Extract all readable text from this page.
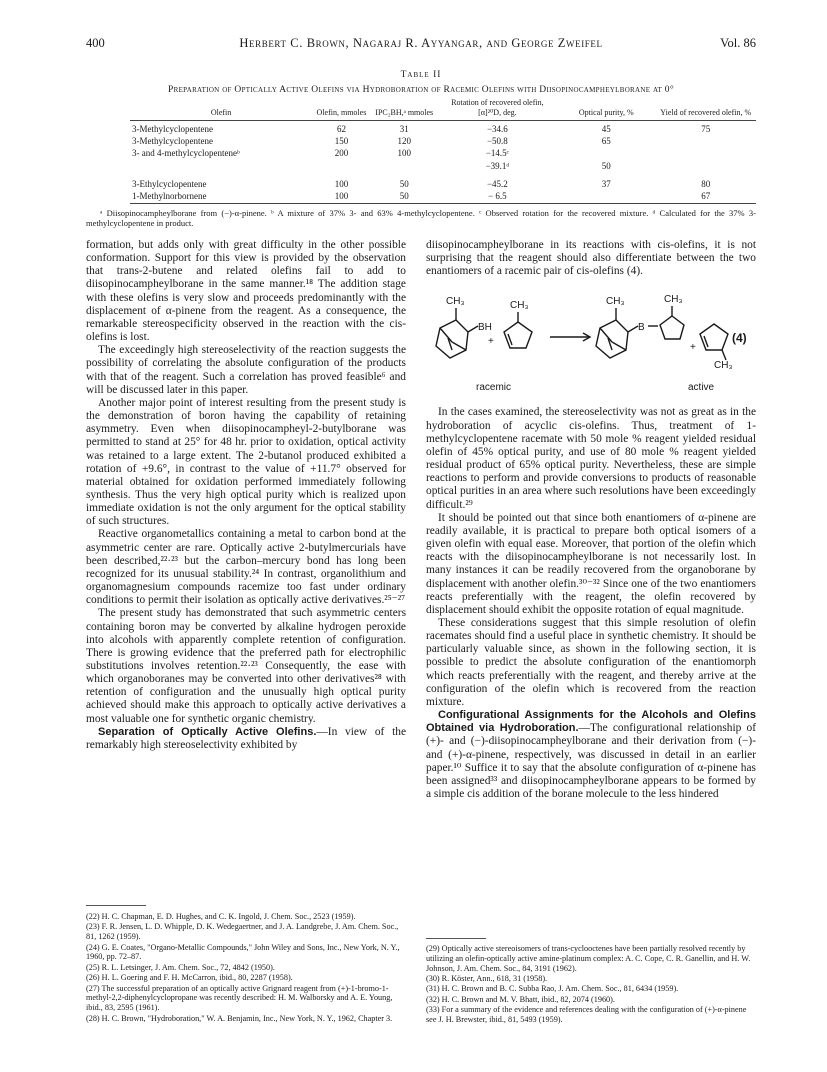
400	Herbert C. Brown, Nagaraj R. Ayyangar, and George Zweifel	Vol. 86
Table II
Preparation of Optically Active Olefins via Hydroboration of Racemic Olefins with Diisopinocampheylborane at 0°
Olefin	Olefin, mmoles	IPC₂BH,ᵃ mmoles	Rotation of recovered olefin, [α]²⁰D, deg.	Optical purity, %	Yield of recovered olefin, %
3-Methylcyclopentene	62	31	−34.6	45	75
3-Methylcyclopentene	150	120	−50.8	65	
3- and 4-methylcyclopenteneᵇ	200	100	−14.5ᶜ		
			−39.1ᵈ	50	

3-Ethylcyclopentene	100	50	−45.2	37	80
1-Methylnorbornene	100	50	− 6.5		67
ᵃ Diisopinocampheylborane from (−)-α-pinene. ᵇ A mixture of 37% 3- and 63% 4-methylcyclopentene. ᶜ Observed rotation for the recovered mixture. ᵈ Calculated for the 37% 3-methylcyclopentene in product.

formation, but adds only with great difficulty in the other possible conformation. Support for this view is provided by the observation that trans-2-butene and related olefins fail to add to diisopinocampheylborane in the same manner.¹⁸ The addition stage with these olefins is very slow and proceeds predominantly with the displacement of α-pinene from the reagent. As a consequence, the remarkable stereospecificity observed in the reaction with the cis-olefins is lost.

The exceedingly high stereoselectivity of the reaction suggests the possibility of correlating the absolute configuration of the products with that of the reagent. Such a correlation has proved feasible⁶ and will be discussed later in this paper.

Another major point of interest resulting from the present study is the demonstration of boron having the capability of retaining asymmetry. Even when diisopinocampheyl-2-butylborane was permitted to stand at 25° for 48 hr. prior to oxidation, optical activity was retained to a large extent. The 2-butanol produced exhibited a rotation of +9.6°, in contrast to the value of +11.7° observed for material obtained for oxidation performed immediately following synthesis. Thus the very high optical purity which is realized upon immediate oxidation is not the only argument for the optical stability of such structures.

Reactive organometallics containing a metal to carbon bond at the asymmetric center are rare. Optically active 2-butylmercurials have been described,²²·²³ but the carbon–mercury bond has long been recognized for its unusual stability.²⁴ In contrast, organolithium and organomagnesium compounds racemize too fast under ordinary conditions to permit their isolation as optically active derivatives.²⁵⁻²⁷

The present study has demonstrated that such asymmetric centers containing boron may be converted by alkaline hydrogen peroxide into alcohols with apparently complete retention of configuration. There is growing evidence that the preferred path for electrophilic substitutions involves retention.²²·²³ Consequently, the ease with which organoboranes may be converted into other derivatives²⁸ with retention of configuration and the unusually high optical purity achieved should make this approach to optically active derivatives a most valuable one for synthetic organic chemistry.

Separation of Optically Active Olefins.—In view of the remarkably high stereoselectivity exhibited by

diisopinocampheylborane in its reactions with cis-olefins, it is not surprising that the reagent should also differentiate between the two enantiomers of a racemic pair of cis-olefins (4).

CH₃
BH
CH₃
+
CH₃
B
CH₃
+
CH₃
(4)
racemic	active

In the cases examined, the stereoselectivity was not as great as in the hydroboration of acyclic cis-olefins. Thus, treatment of 1-methylcyclopentene racemate with 50 mole % reagent yielded residual olefin of 45% optical purity, and use of 80 mole % reagent yielded residual product of 65% optical purity. Nevertheless, these are simple reactions to perform and provide conversions to products of reasonable optical purities in an area where such resolutions have been exceedingly difficult.²⁹

It should be pointed out that since both enantiomers of α-pinene are readily available, it is practical to prepare both optical isomers of a given olefin with equal ease. Moreover, that portion of the olefin which reacts with the diisopinocampheylborane is not necessarily lost. In many instances it can be readily recovered from the organoborane by displacement with another olefin.³⁰⁻³² Since one of the two enantiomers reacts preferentially with the reagent, the olefin recovered by displacement should exhibit the opposite rotation of equal magnitude.

These considerations suggest that this simple resolution of olefin racemates should find a useful place in synthetic chemistry. It should be particularly valuable since, as shown in the following section, it is possible to predict the absolute configuration of the enantiomorph which reacts preferentially with the reagent, and thereby arrive at the configuration of the olefin which is recovered from the reaction mixture.

Configurational Assignments for the Alcohols and Olefins Obtained via Hydroboration.—The configurational relationship of (+)- and (−)-diisopinocampheylborane and their derivation from (−)- and (+)-α-pinene, respectively, was discussed in detail in an earlier paper.¹⁰ Suffice it to say that the absolute configuration of α-pinene has been assigned³³ and diisopinocampheylborane appears to be formed by a simple cis addition of the borane molecule to the less hindered

(22) H. C. Chapman, E. D. Hughes, and C. K. Ingold, J. Chem. Soc., 2523 (1959).

(23) F. R. Jensen, L. D. Whipple, D. K. Wedegaertner, and J. A. Landgrebe, J. Am. Chem. Soc., 81, 1262 (1959).

(24) G. E. Coates, "Organo-Metallic Compounds," John Wiley and Sons, Inc., New York, N. Y., 1960, pp. 72–87.

(25) R. L. Letsinger, J. Am. Chem. Soc., 72, 4842 (1950).

(26) H. L. Goering and F. H. McCarron, ibid., 80, 2287 (1958).

(27) The successful preparation of an optically active Grignard reagent from (+)-1-bromo-1-methyl-2,2-diphenylcyclopropane was recently described: H. M. Walborsky and A. E. Young, ibid., 83, 2595 (1961).

(28) H. C. Brown, "Hydroboration," W. A. Benjamin, Inc., New York, N. Y., 1962, Chapter 3.

(29) Optically active stereoisomers of trans-cyclooctenes have been partially resolved recently by utilizing an olefin-optically active amine-platinum complex: A. C. Cope, C. R. Ganellin, and H. W. Johnson, J. Am. Chem. Soc., 84, 3191 (1962).

(30) R. Köster, Ann., 618, 31 (1958).

(31) H. C. Brown and B. C. Subba Rao, J. Am. Chem. Soc., 81, 6434 (1959).

(32) H. C. Brown and M. V. Bhatt, ibid., 82, 2074 (1960).

(33) For a summary of the evidence and references dealing with the configuration of (+)-α-pinene see J. H. Brewster, ibid., 81, 5493 (1959).
